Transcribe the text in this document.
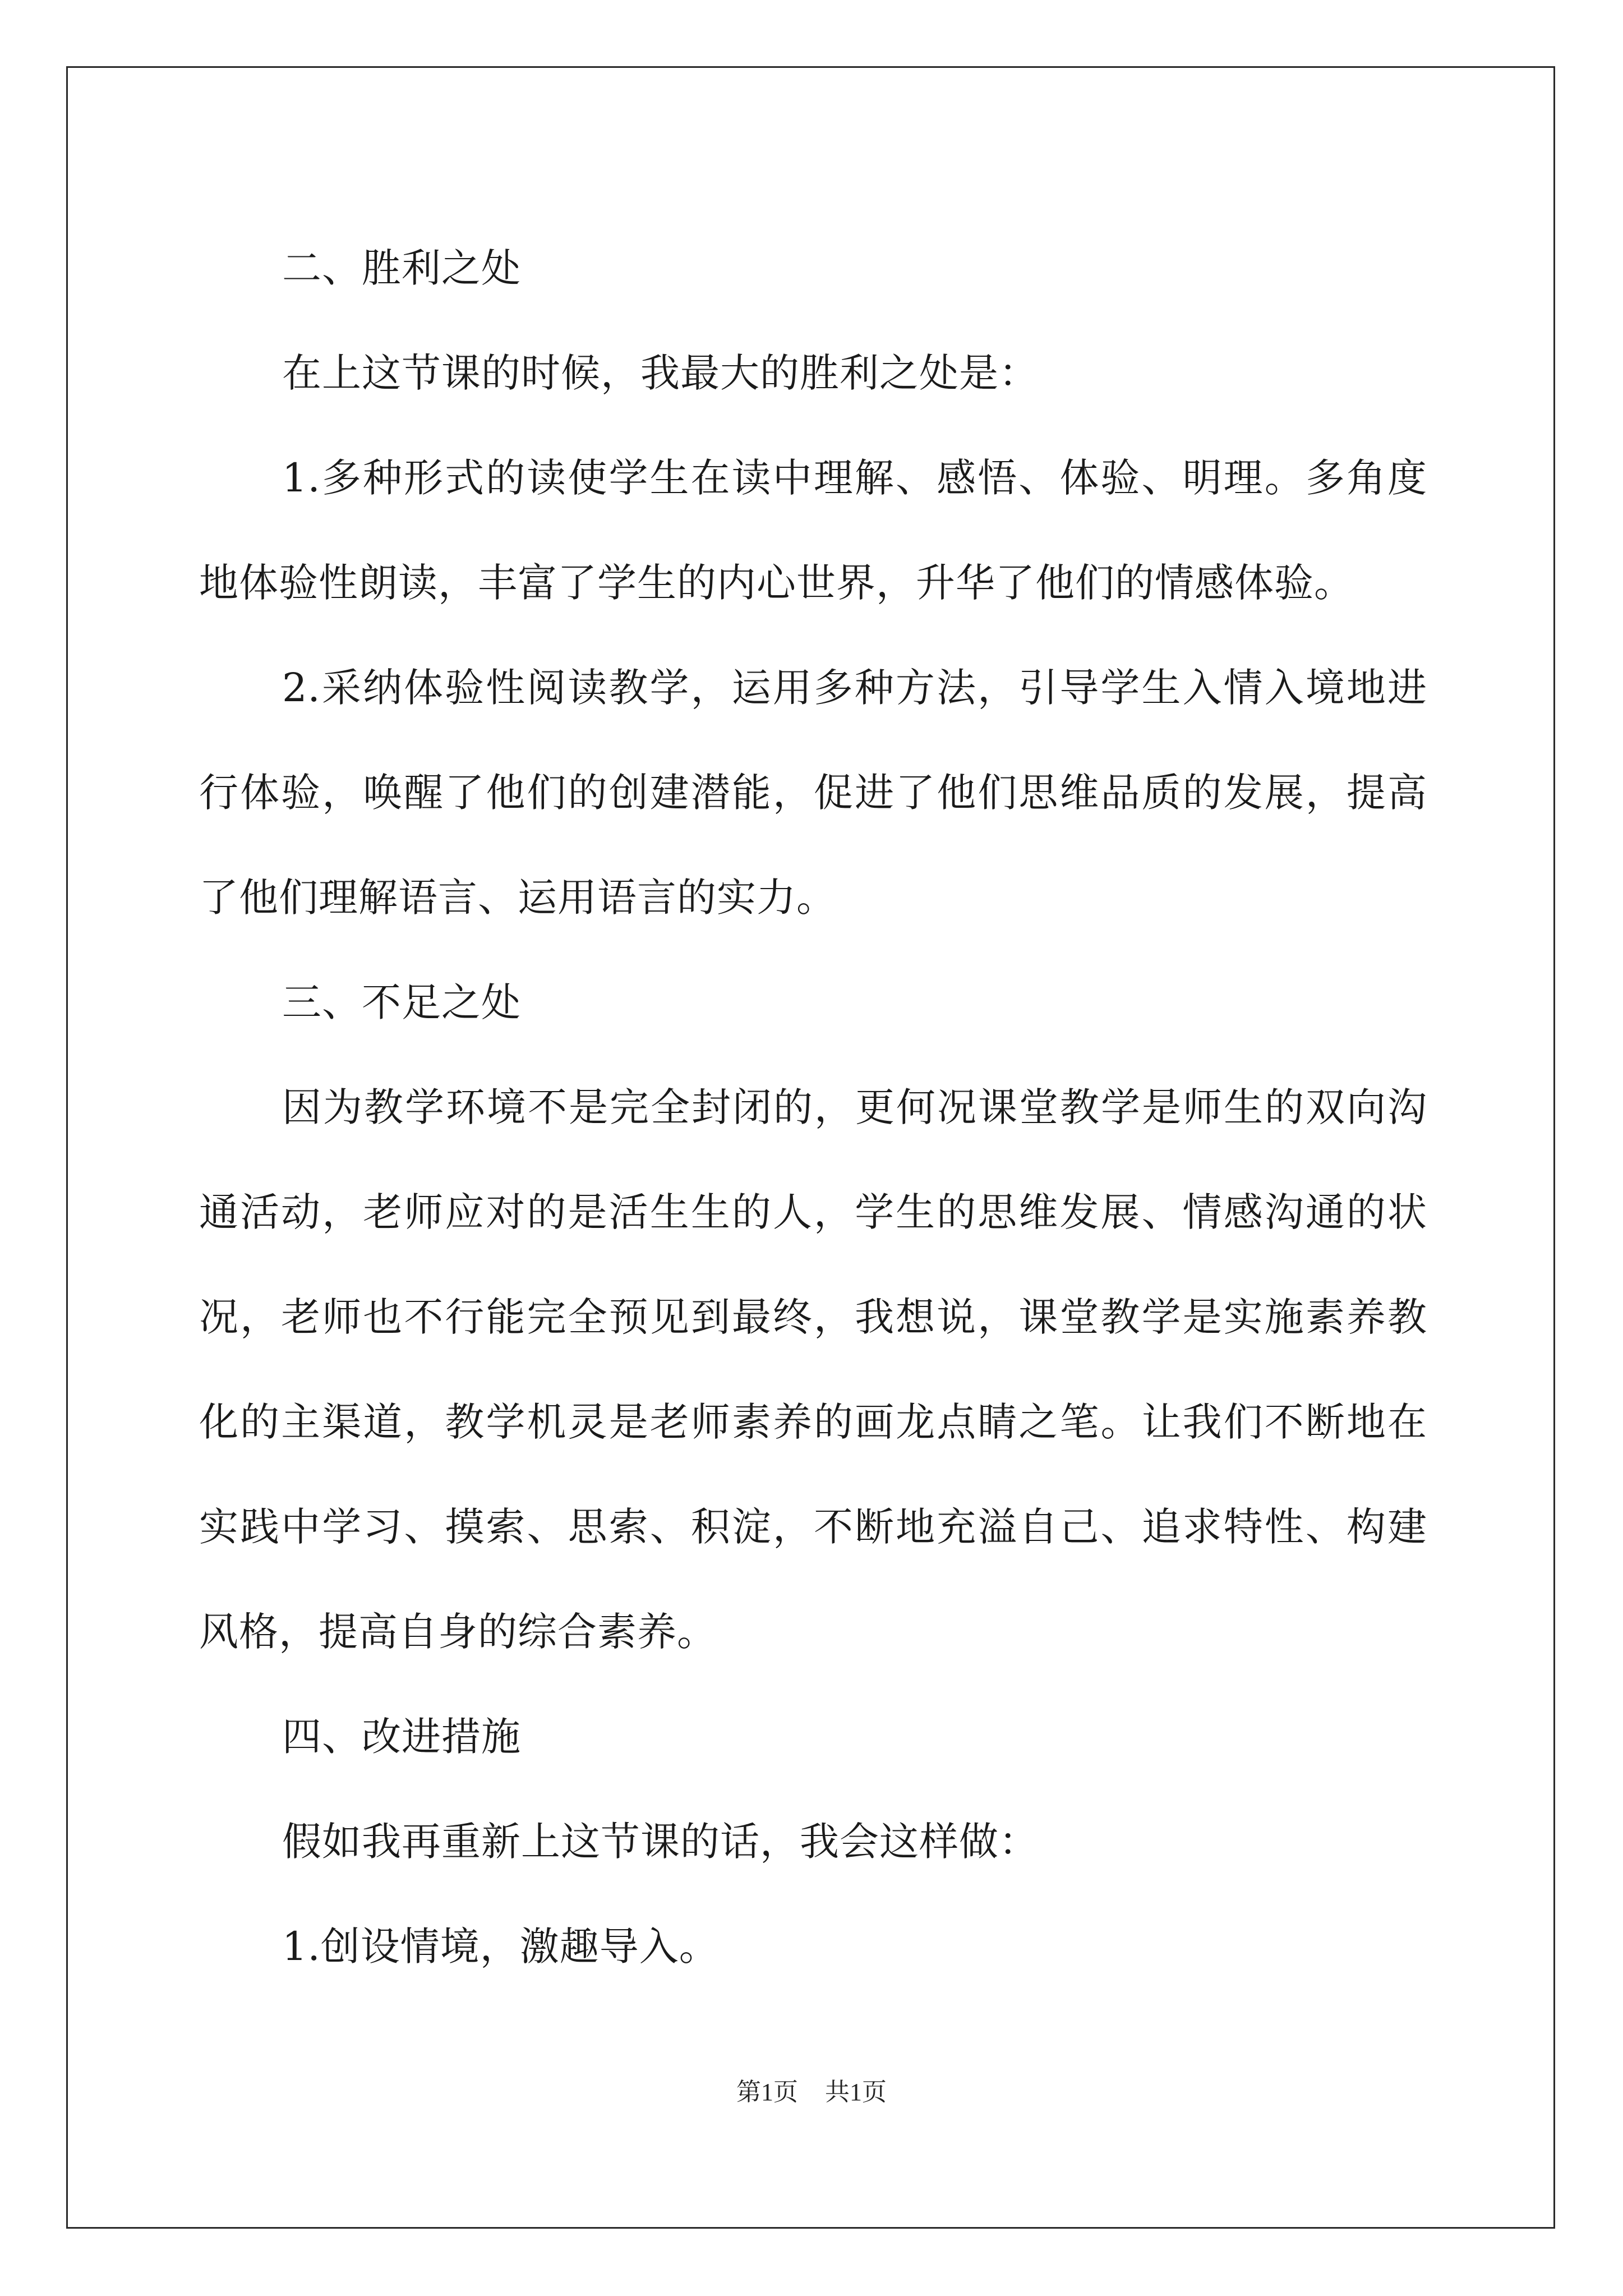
二、胜利之处

在上这节课的时候，我最大的胜利之处是：

1.多种形式的读使学生在读中理解、感悟、体验、明理。多角度地体验性朗读，丰富了学生的内心世界，升华了他们的情感体验。

2.采纳体验性阅读教学，运用多种方法，引导学生入情入境地进行体验，唤醒了他们的创建潜能，促进了他们思维品质的发展，提高了他们理解语言、运用语言的实力。

三、不足之处

因为教学环境不是完全封闭的，更何况课堂教学是师生的双向沟通活动，老师应对的是活生生的人，学生的思维发展、情感沟通的状况，老师也不行能完全预见到最终，我想说，课堂教学是实施素养教化的主渠道，教学机灵是老师素养的画龙点睛之笔。让我们不断地在实践中学习、摸索、思索、积淀，不断地充溢自己、追求特性、构建风格，提高自身的综合素养。

四、改进措施

假如我再重新上这节课的话，我会这样做：

1.创设情境，激趣导入。

第1页 共1页
